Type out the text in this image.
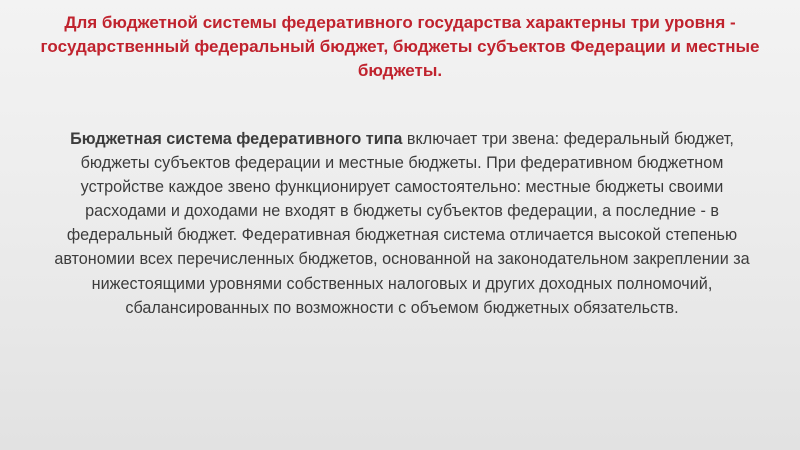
Для бюджетной системы федеративного государства характерны три уровня - государственный федеральный бюджет, бюджеты субъектов Федерации и местные бюджеты.

Бюджетная система федеративного типа включает три звена: федеральный бюджет, бюджеты субъектов федерации и местные бюджеты. При федеративном бюджетном устройстве каждое звено функционирует самостоятельно: местные бюджеты своими расходами и доходами не входят в бюджеты субъектов федерации, а последние - в федеральный бюджет. Федеративная бюджетная система отличается высокой степенью автономии всех перечисленных бюджетов, основанной на законодательном закреплении за нижестоящими уровнями собственных налоговых и других доходных полномочий, сбалансированных по возможности с объемом бюджетных обязательств.
